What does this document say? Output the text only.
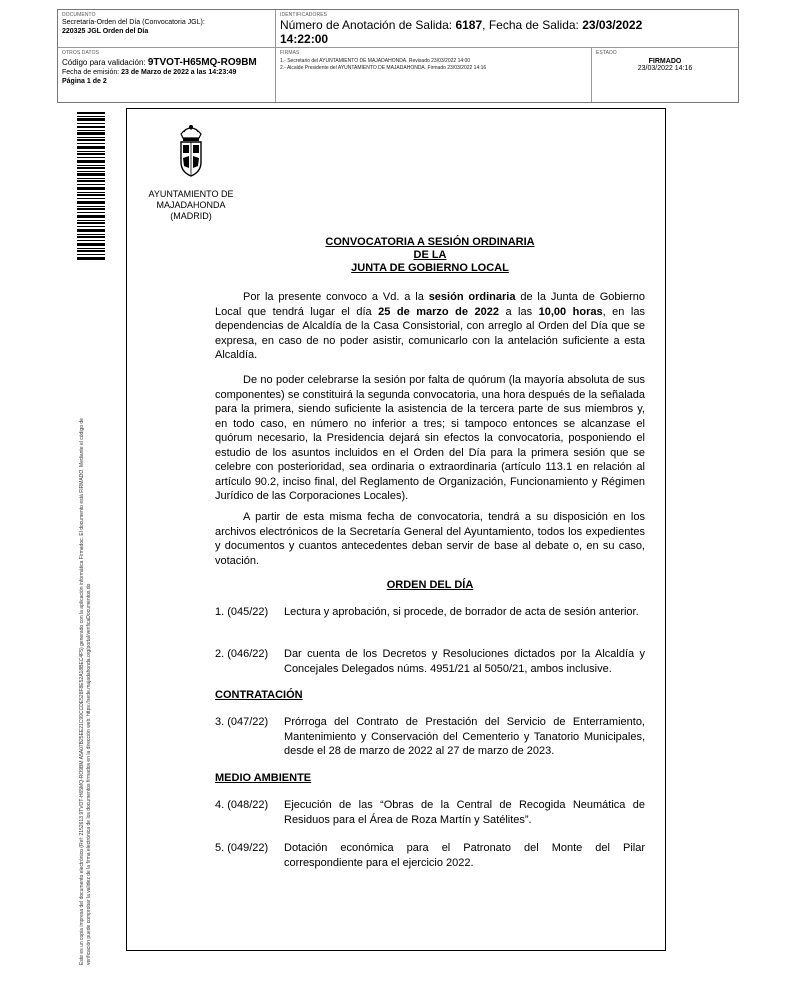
DOCUMENTO
Secretaría-Orden del Día (Convocatoria JGL):
220325 JGL Orden del Día
IDENTIFICADORES
Número de Anotación de Salida: 6187, Fecha de Salida: 23/03/2022
14:22:00
OTROS DATOS
Código para validación: 9TVOT-H65MQ-RO9BM
Fecha de emisión: 23 de Marzo de 2022 a las 14:23:49
Página 1 de 2
FIRMAS
1.- Secretario del AYUNTAMIENTO DE MAJADAHONDA. Revisado 23/03/2022 14:00
2.- Alcalde Presidente del AYUNTAMIENTO DE MAJADAHONDA. Firmado 23/03/2022 14:16
ESTADO
FIRMADO
23/03/2022 14:16
Este es un copia impresa del documento electrónico (Ref: 2152613 9TVOT-H65MQ-RO9BM A5A07B25EE21C99CCDE528F8E52A18BEC4F5) generado con la aplicación informática Firmadoc. El documento está FIRMADO. Mediante el código de verificación puede comprobar la validez de la firma electrónica de los documentos firmados en la dirección web: https://sede.majadahonda.org/portal/verificaDocumentos.do
AYUNTAMIENTO DE
MAJADAHONDA
(MADRID)
CONVOCATORIA A SESIÓN ORDINARIA
DE LA
JUNTA DE GOBIERNO LOCAL
Por la presente convoco a Vd. a la sesión ordinaria de la Junta de Gobierno Local que tendrá lugar el día 25 de marzo de 2022 a las 10,00 horas, en las dependencias de Alcaldía de la Casa Consistorial, con arreglo al Orden del Día que se expresa, en caso de no poder asistir, comunicarlo con la antelación suficiente a esta Alcaldía.
De no poder celebrarse la sesión por falta de quórum (la mayoría absoluta de sus componentes) se constituirá la segunda convocatoria, una hora después de la señalada para la primera, siendo suficiente la asistencia de la tercera parte de sus miembros y, en todo caso, en número no inferior a tres; si tampoco entonces se alcanzase el quórum necesario, la Presidencia dejará sin efectos la convocatoria, posponiendo el estudio de los asuntos incluidos en el Orden del Día para la primera sesión que se celebre con posterioridad, sea ordinaria o extraordinaria (artículo 113.1 en relación al artículo 90.2, inciso final, del Reglamento de Organización, Funcionamiento y Régimen Jurídico de las Corporaciones Locales).
A partir de esta misma fecha de convocatoria, tendrá a su disposición en los archivos electrónicos de la Secretaría General del Ayuntamiento, todos los expedientes y documentos y cuantos antecedentes deban servir de base al debate o, en su caso, votación.
ORDEN DEL DÍA
1. (045/22)	Lectura y aprobación, si procede, de borrador de acta de sesión anterior.
2. (046/22)	Dar cuenta de los Decretos y Resoluciones dictados por la Alcaldía y Concejales Delegados núms. 4951/21 al 5050/21, ambos inclusive.
CONTRATACIÓN
3. (047/22)	Prórroga del Contrato de Prestación del Servicio de Enterramiento, Mantenimiento y Conservación del Cementerio y Tanatorio Municipales, desde el 28 de marzo de 2022 al 27 de marzo de 2023.
MEDIO AMBIENTE
4. (048/22)	Ejecución de las “Obras de la Central de Recogida Neumática de Residuos para el Área de Roza Martín y Satélites”.
5. (049/22)	Dotación económica para el Patronato del Monte del Pilar correspondiente para el ejercicio 2022.
